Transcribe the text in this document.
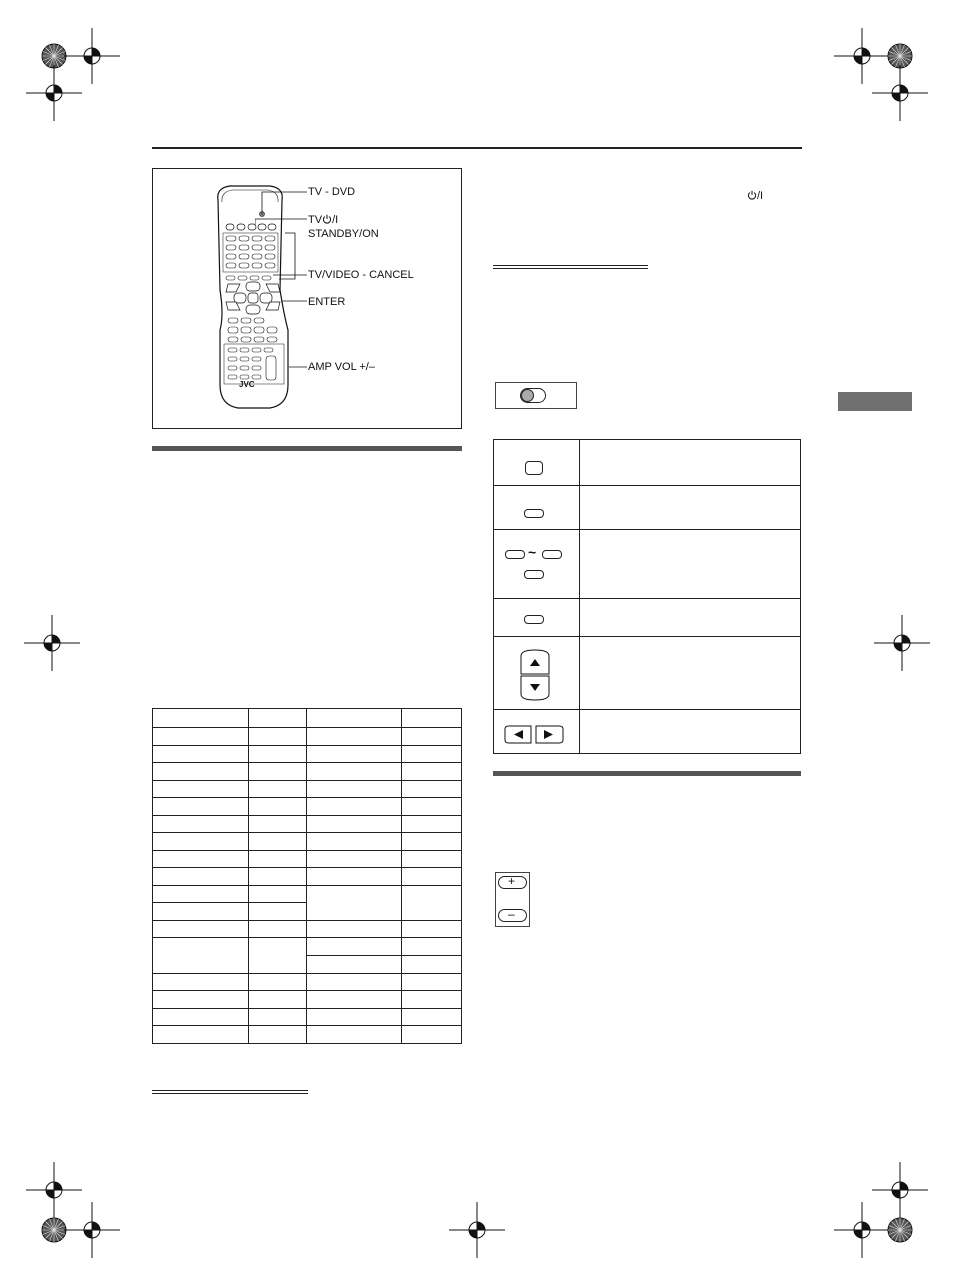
JVC
TV - DVD
TV /I
STANDBY/ON
TV/VIDEO - CANCEL
ENTER
AMP VOL +/–

/I
~
+
–
